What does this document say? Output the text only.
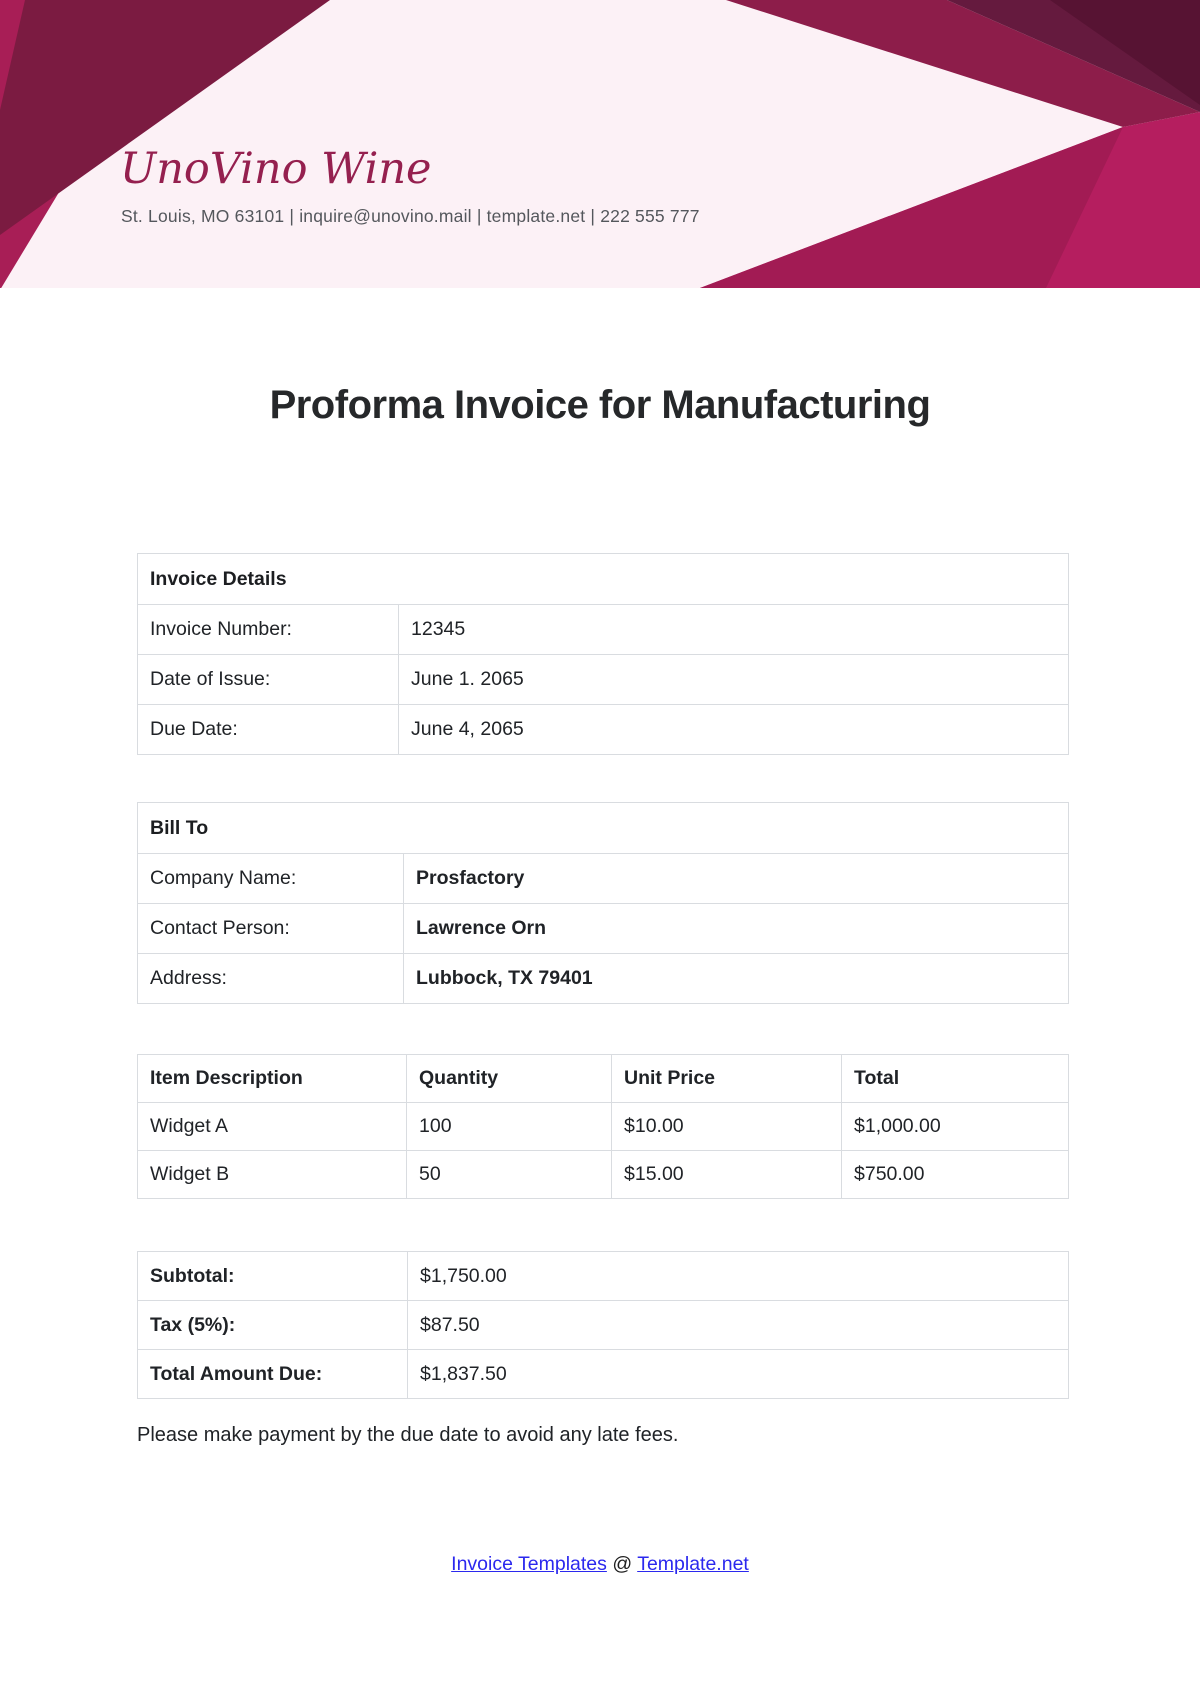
UnoVino Wine
St. Louis, MO 63101 | inquire@unovino.mail | template.net | 222 555 777
Proforma Invoice for Manufacturing
Invoice Details	
Invoice Number:	12345
Date of Issue:	June 1. 2065
Due Date:	June 4, 2065
Bill To	
Company Name:	Prosfactory
Contact Person:	Lawrence Orn
Address:	Lubbock, TX 79401
Item Description	Quantity	Unit Price	Total
Widget A	100	$10.00	$1,000.00
Widget B	50	$15.00	$750.00
Subtotal:	$1,750.00
Tax (5%):	$87.50
Total Amount Due:	$1,837.50
Please make payment by the due date to avoid any late fees.
Invoice Templates @ Template.net
